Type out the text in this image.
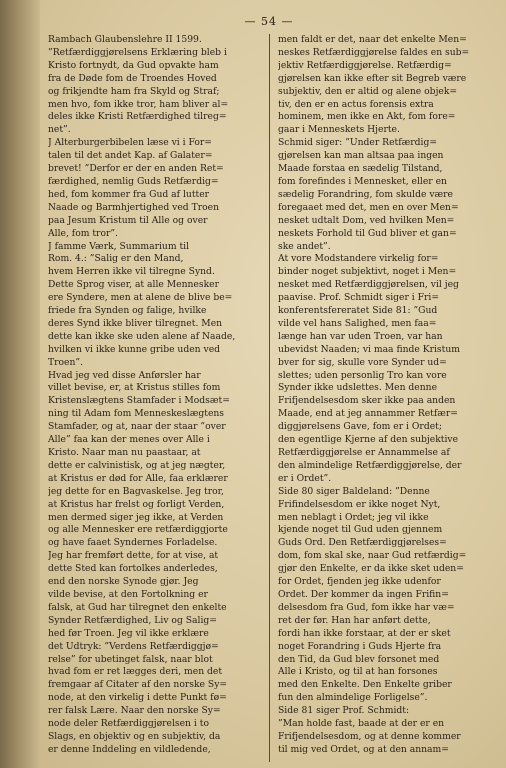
— 54 —

Rambach Glaubenslehre II 1599.
”Retfærdiggjørelsens Erklæring bleb i
Kristo fortnydt, da Gud opvakte ham
fra de Døde fom de Troendes Hoved
og frikjendte ham fra Skyld og Straf;
men hvo, fom ikke tror, ham bliver al=
deles ikke Kristi Retfærdighed tilreg=
net”.
J Alterburgerbibelen læse vi i For=
talen til det andet Kap. af Galater=
brevet! ”Derfor er der en anden Ret=
færdighed, nemlig Guds Retfærdig=
hed, fom kommer fra Gud af lutter
Naade og Barmhjertighed ved Troen
paa Jesum Kristum til Alle og over
Alle, fom tror”.
J famme Værk, Summarium til
Rom. 4.: ”Salig er den Mand,
hvem Herren ikke vil tilregne Synd.
Dette Sprog viser, at alle Mennesker
ere Syndere, men at alene de blive be=
friede fra Synden og falige, hvilke
deres Synd ikke bliver tilregnet. Men
dette kan ikke ske uden alene af Naade,
hvilken vi ikke kunne gribe uden ved
Troen”.
Hvad jeg ved disse Anførsler har
villet bevise, er, at Kristus stilles fom
Kristenslægtens Stamfader i Modsæt=
ning til Adam fom Menneskeslægtens
Stamfader, og at, naar der staar ”over
Alle” faa kan der menes over Alle i
Kristo. Naar man nu paastaar, at
dette er calvinistisk, og at jeg nægter,
at Kristus er død for Alle, faa erklærer
jeg dette for en Bagvaskelse. Jeg tror,
at Kristus har frelst og forligt Verden,
men dermed siger jeg ikke, at Verden
og alle Mennesker ere retfærdiggjorte
og have faaet Syndernes Forladelse.
Jeg har fremført dette, for at vise, at
dette Sted kan fortolkes anderledes,
end den norske Synode gjør. Jeg
vilde bevise, at den Fortolkning er
falsk, at Gud har tilregnet den enkelte
Synder Retfærdighed, Liv og Salig=
hed før Troen. Jeg vil ikke erklære
det Udtryk: ”Verdens Retfærdiggjø=
relse” for ubetinget falsk, naar blot
hvad fom er ret lægges deri, men det
fremgaar af Citater af den norske Sy=
node, at den virkelig i dette Punkt fø=
rer falsk Lære. Naar den norske Sy=
node deler Retfærdiggjørelsen i to
Slags, en objektiv og en subjektiv, da
er denne Inddeling en vildledende,

men faldt er det, naar det enkelte Men=
neskes Retfærdiggjørelse faldes en sub=
jektiv Retfærdiggjørelse. Retfærdig=
gjørelsen kan ikke efter sit Begreb være
subjektiv, den er altid og alene objek=
tiv, den er en actus forensis extra
hominem, men ikke en Akt, fom fore=
gaar i Menneskets Hjerte.
Schmid siger: ”Under Retfærdig=
gjørelsen kan man altsaa paa ingen
Maade forstaa en sædelig Tilstand,
fom forefindes i Mennesket, eller en
sædelig Forandring, fom skulde være
foregaaet med det, men en over Men=
nesket udtalt Dom, ved hvilken Men=
neskets Forhold til Gud bliver et gan=
ske andet”.
At vore Modstandere virkelig for=
binder noget subjektivt, noget i Men=
nesket med Retfærdiggjørelsen, vil jeg
paavise. Prof. Schmidt siger i Fri=
konferentsfereratet Side 81: ”Gud
vilde vel hans Salighed, men faa=
længe han var uden Troen, var han
ubevidst Naaden; vi maa finde Kristum
bver for sig, skulle vore Synder ud=
slettes; uden personlig Tro kan vore
Synder ikke udslettes. Men denne
Frifjendelsesdom sker ikke paa anden
Maade, end at jeg annammer Retfær=
diggjørelsens Gave, fom er i Ordet;
den egentlige Kjerne af den subjektive
Retfærdiggjørelse er Annammelse af
den almindelige Retfærdiggjørelse, der
er i Ordet”.
Side 80 siger Baldeland: ”Denne
Frifindelsesdom er ikke noget Nyt,
men neblagt i Ordet; jeg vil ikke
kjende noget til Gud uden gjennem
Guds Ord. Den Retfærdiggjørelses=
dom, fom skal ske, naar Gud retfærdig=
gjør den Enkelte, er da ikke sket uden=
for Ordet, fjenden jeg ikke udenfor
Ordet. Der kommer da ingen Frifin=
delsesdom fra Gud, fom ikke har væ=
ret der før. Han har anført dette,
fordi han ikke forstaar, at der er sket
noget Forandring i Guds Hjerte fra
den Tid, da Gud blev forsonet med
Alle i Kristo, og til at han forsones
med den Enkelte. Den Enkelte griber
fun den almindelige Forligelse”.
Side 81 siger Prof. Schmidt:
”Man holde fast, baade at der er en
Frifjendelsesdom, og at denne kommer
til mig ved Ordet, og at den annam=
